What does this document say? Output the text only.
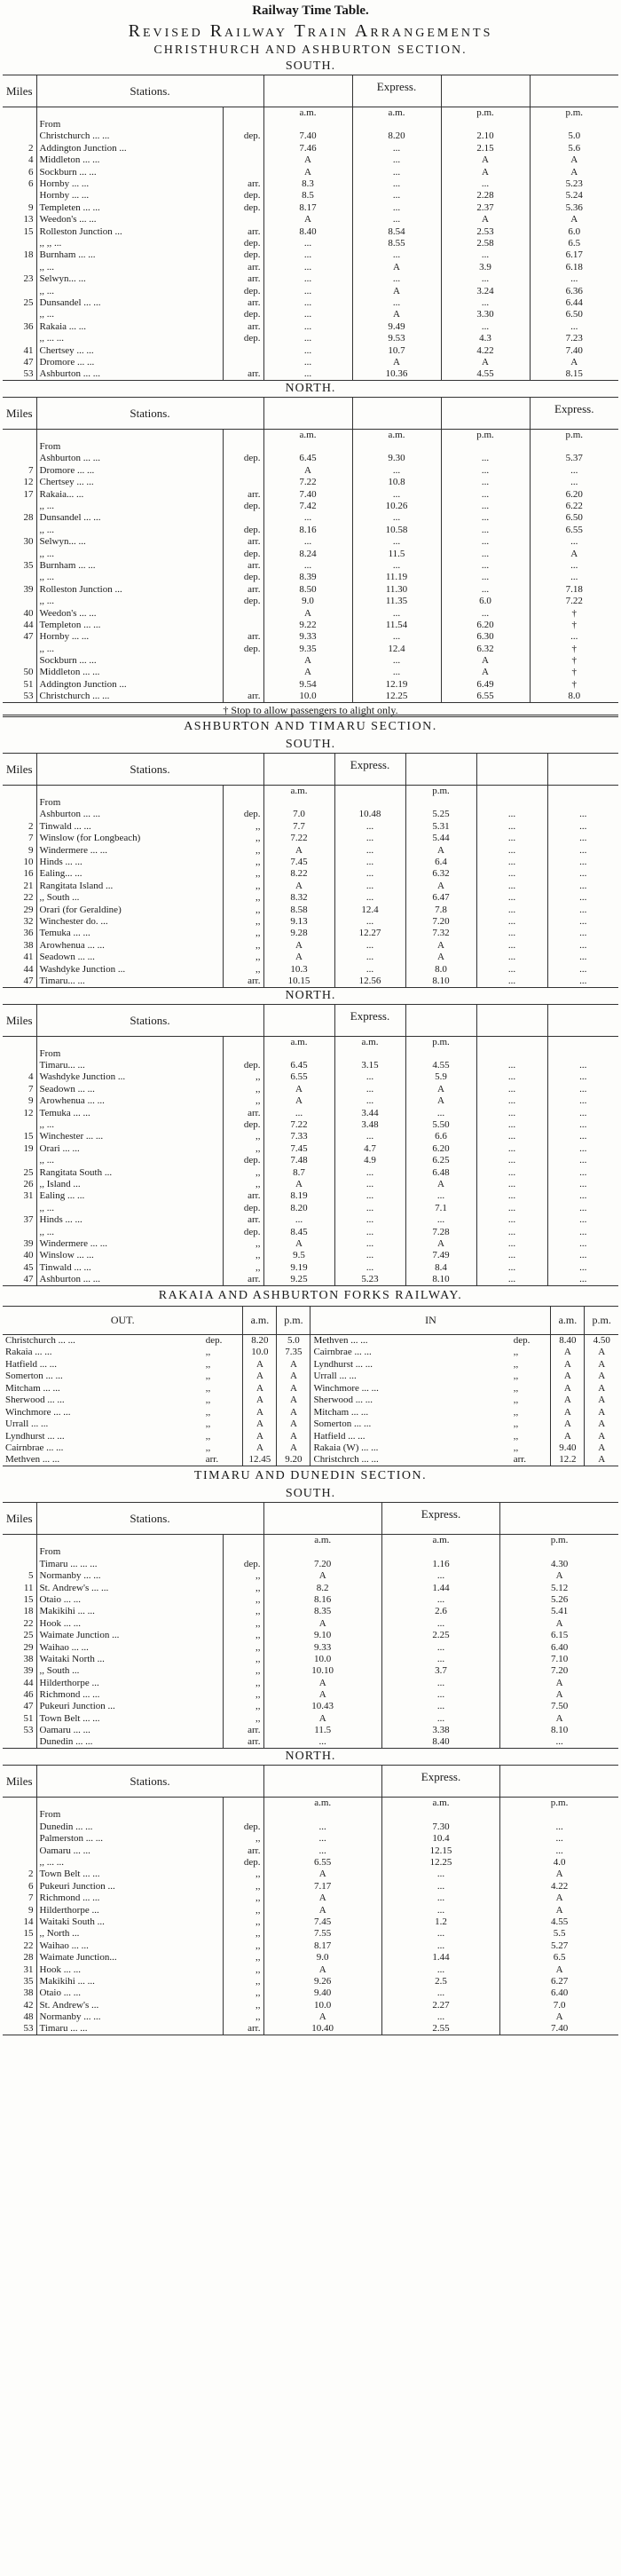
Railway Time Table.
Revised Railway Train Arrangements
CHRISTHURCH AND ASHBURTON SECTION.
SOUTH.
Miles	Stations.			Express.		
			a.m.	a.m.	p.m.	p.m.
	From					
	Christchurch ... ...	dep.	7.40	8.20	2.10	5.0
2	Addington Junction ...		7.46	...	2.15	5.6
4	Middleton ... ...		A	...	A	A
6	Sockburn ... ...		A	...	A	A
6	Hornby ... ...	arr.	8.3	...	...	5.23
	Hornby ... ...	dep.	8.5	...	2.28	5.24
9	Templeten ... ...	dep.	8.17	...	2.37	5.36
13	Weedon's ... ...		A	...	A	A
15	Rolleston Junction ...	arr.	8.40	8.54	2.53	6.0
	,, ,, ...	dep.	...	8.55	2.58	6.5
18	Burnham ... ...	dep.	...	...	...	6.17
	,, ...	arr.	...	A	3.9	6.18
23	Selwyn... ...	arr.	...	...	...	...
	,, ...	dep.	...	A	3.24	6.36
25	Dunsandel ... ...	arr.	...	...	...	6.44
	,, ...	dep.	...	A	3.30	6.50
36	Rakaia ... ...	arr.	...	9.49	...	...
	,, ... ...	dep.	...	9.53	4.3	7.23
41	Chertsey ... ...		...	10.7	4.22	7.40
47	Dromore ... ...		...	A	A	A
53	Ashburton ... ...	arr.	...	10.36	4.55	8.15
NORTH.
Miles	Stations.					Express.
			a.m.	a.m.	p.m.	p.m.
	From					
	Ashburton ... ...	dep.	6.45	9.30	...	5.37
7	Dromore ... ...		A	...	...	...
12	Chertsey ... ...		7.22	10.8	...	...
17	Rakaia... ...	arr.	7.40	...	...	6.20
	,, ...	dep.	7.42	10.26	...	6.22
28	Dunsandel ... ...		...	...	...	6.50
	,, ...	dep.	8.16	10.58	...	6.55
30	Selwyn... ...	arr.	...	...	...	...
	,, ...	dep.	8.24	11.5	...	A
35	Burnham ... ...	arr.	...	...	...	...
	,, ...	dep.	8.39	11.19	...	...
39	Rolleston Junction ...	arr.	8.50	11.30	...	7.18
	,, ...	dep.	9.0	11.35	6.0	7.22
40	Weedon's ... ...		A	...	...	†
44	Templeton ... ...		9.22	11.54	6.20	†
47	Hornby ... ...	arr.	9.33	...	6.30	...
	,, ...	dep.	9.35	12.4	6.32	†
	Sockburn ... ...		A	...	A	†
50	Middleton ... ...		A	...	A	†
51	Addington Junction ...		9.54	12.19	6.49	†
53	Christchurch ... ...	arr.	10.0	12.25	6.55	8.0
† Stop to allow passengers to alight only.
ASHBURTON AND TIMARU SECTION.
SOUTH.
Miles	Stations.			Express.			
			a.m.		p.m.		
	From						
	Ashburton ... ...	dep.	7.0	10.48	5.25	...	...
2	Tinwald ... ...	,,	7.7	...	5.31	...	...
7	Winslow (for Longbeach)	,,	7.22	...	5.44	...	...
9	Windermere ... ...	,,	A	...	A	...	...
10	Hinds ... ...	,,	7.45	...	6.4	...	...
16	Ealing... ...	,,	8.22	...	6.32	...	...
21	Rangitata Island ...	,,	A	...	A	...	...
22	,, South ...	,,	8.32	...	6.47	...	...
29	Orari (for Geraldine)	,,	8.58	12.4	7.8	...	...
32	Winchester do. ...	,,	9.13	...	7.20	...	...
36	Temuka ... ...	,,	9.28	12.27	7.32	...	...
38	Arowhenua ... ...	,,	A	...	A	...	...
41	Seadown ... ...	,,	A	...	A	...	...
44	Washdyke Junction ...	,,	10.3	...	8.0	...	...
47	Timaru... ...	arr.	10.15	12.56	8.10	...	...
NORTH.
Miles	Stations.			Express.			
			a.m.	a.m.	p.m.		
	From						
	Timaru... ...	dep.	6.45	3.15	4.55	...	...
4	Washdyke Junction ...	,,	6.55	...	5.9	...	...
7	Seadown ... ...	,,	A	...	A	...	...
9	Arowhenua ... ...	,,	A	...	A	...	...
12	Temuka ... ...	arr.	...	3.44	...	...	...
	,, ...	dep.	7.22	3.48	5.50	...	...
15	Winchester ... ...	,,	7.33	...	6.6	...	...
19	Orari ... ...	,,	7.45	4.7	6.20	...	...
	,, ...	dep.	7.48	4.9	6.25	...	...
25	Rangitata South ...	,,	8.7	...	6.48	...	...
26	,, Island ...	,,	A	...	A	...	...
31	Ealing ... ...	arr.	8.19	...	...	...	...
	,, ...	dep.	8.20	...	7.1	...	...
37	Hinds ... ...	arr.	...	...	...	...	...
	,, ...	dep.	8.45	...	7.28	...	...
39	Windermere ... ...	,,	A	...	A	...	...
40	Winslow ... ...	,,	9.5	...	7.49	...	...
45	Tinwald ... ...	,,	9.19	...	8.4	...	...
47	Ashburton ... ...	arr.	9.25	5.23	8.10	...	...
RAKAIA AND ASHBURTON FORKS RAILWAY.
OUT.		a.m.	p.m.	IN		a.m.	p.m.
Christchurch ... ...	dep.	8.20	5.0	Methven ... ...	dep.	8.40	4.50
Rakaia ... ...	,,	10.0	7.35	Cairnbrae ... ...	,,	A	A
Hatfield ... ...	,,	A	A	Lyndhurst ... ...	,,	A	A
Somerton ... ...	,,	A	A	Urrall ... ...	,,	A	A
Mitcham ... ...	,,	A	A	Winchmore ... ...	,,	A	A
Sherwood ... ...	,,	A	A	Sherwood ... ...	,,	A	A
Winchmore ... ...	,,	A	A	Mitcham ... ...	,,	A	A
Urrall ... ...	,,	A	A	Somerton ... ...	,,	A	A
Lyndhurst ... ...	,,	A	A	Hatfield ... ...	,,	A	A
Cairnbrae ... ...	,,	A	A	Rakaia (W) ... ...	,,	9.40	A
Methven ... ...	arr.	12.45	9.20	Christchrch ... ...	arr.	12.2	A
TIMARU AND DUNEDIN SECTION.
SOUTH.
Miles	Stations.			Express.	
			a.m.	a.m.	p.m.
	From				
	Timaru ... ... ...	dep.	7.20	1.16	4.30
5	Normanby ... ...	,,	A	...	A
11	St. Andrew's ... ...	,,	8.2	1.44	5.12
15	Otaio ... ...	,,	8.16	...	5.26
18	Makikihi ... ...	,,	8.35	2.6	5.41
22	Hook ... ...	,,	A	...	A
25	Waimate Junction ...	,,	9.10	2.25	6.15
29	Waihao ... ...	,,	9.33	...	6.40
38	Waitaki North ...	,,	10.0	...	7.10
39	,, South ...	,,	10.10	3.7	7.20
44	Hilderthorpe ...	,,	A	...	A
46	Richmond ... ...	,,	A	...	A
47	Pukeuri Junction ...	,,	10.43	...	7.50
51	Town Belt ... ...	,,	A	...	A
53	Oamaru ... ...	arr.	11.5	3.38	8.10
	Dunedin ... ...	arr.	...	8.40	...
NORTH.
Miles	Stations.			Express.	
			a.m.	a.m.	p.m.
	From				
	Dunedin ... ...	dep.	...	7.30	...
	Palmerston ... ...	,,	...	10.4	...
	Oamaru ... ...	arr.	...	12.15	...
	,, ... ...	dep.	6.55	12.25	4.0
2	Town Belt ... ...	,,	A	...	A
6	Pukeuri Junction ...	,,	7.17	...	4.22
7	Richmond ... ...	,,	A	...	A
9	Hilderthorpe ...	,,	A	...	A
14	Waitaki South ...	,,	7.45	1.2	4.55
15	,, North ...	,,	7.55	...	5.5
22	Waihao ... ...	,,	8.17	...	5.27
28	Waimate Junction...	,,	9.0	1.44	6.5
31	Hook ... ...	,,	A	...	A
35	Makikihi ... ...	,,	9.26	2.5	6.27
38	Otaio ... ...	,,	9.40	...	6.40
42	St. Andrew's ...	,,	10.0	2.27	7.0
48	Normanby ... ...	,,	A	...	A
53	Timaru ... ...	arr.	10.40	2.55	7.40
